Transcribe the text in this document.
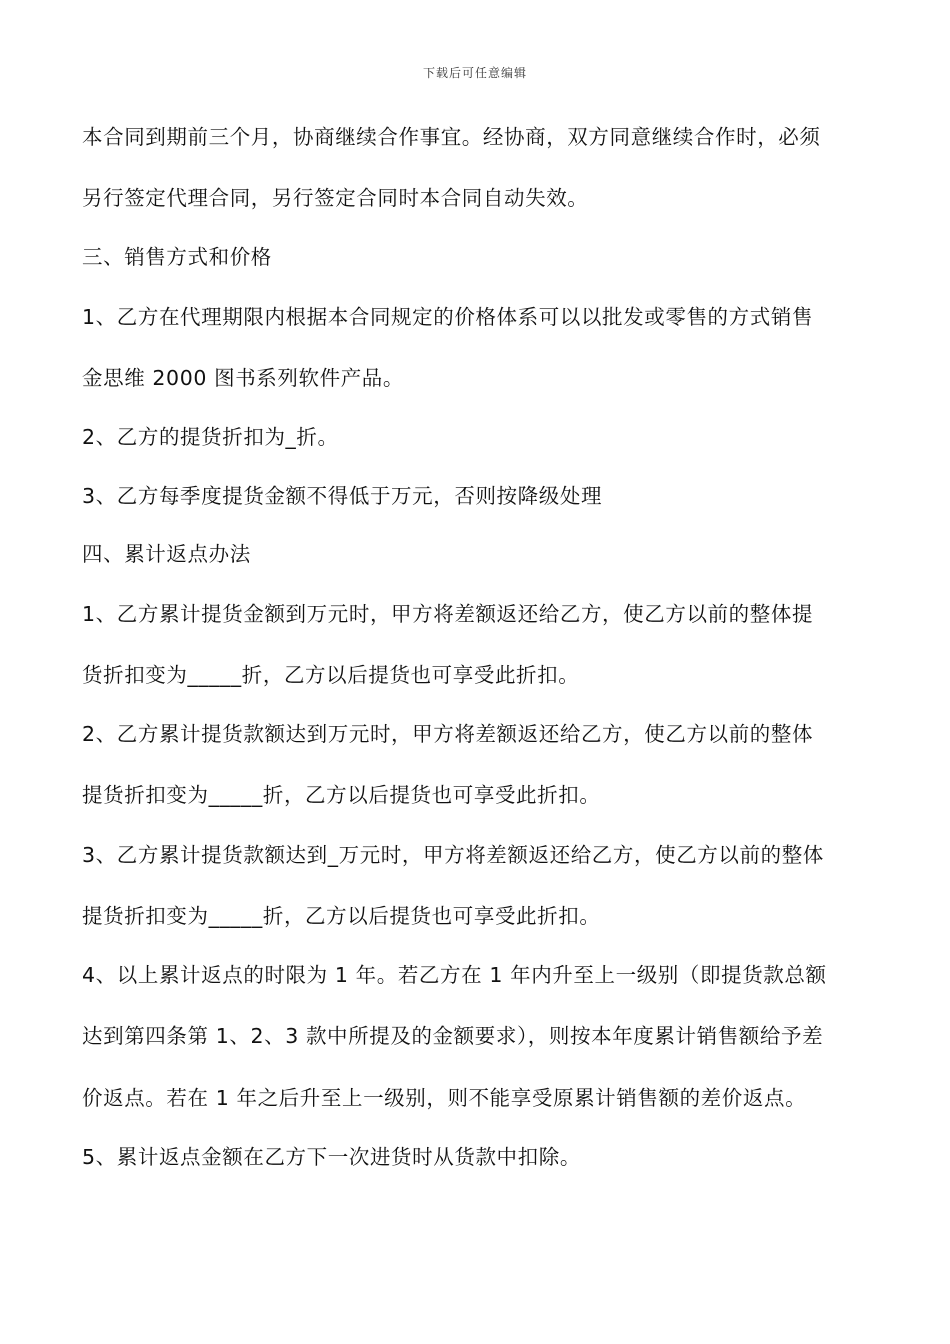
下载后可任意编辑
本合同到期前三个月，协商继续合作事宜。经协商，双方同意继续合作时，必须
另行签定代理合同，另行签定合同时本合同自动失效。
三、销售方式和价格
1、乙方在代理期限内根据本合同规定的价格体系可以以批发或零售的方式销售
金思维 2000 图书系列软件产品。
2、乙方的提货折扣为_折。
3、乙方每季度提货金额不得低于万元，否则按降级处理
四、累计返点办法
1、乙方累计提货金额到万元时，甲方将差额返还给乙方，使乙方以前的整体提
货折扣变为_____折，乙方以后提货也可享受此折扣。
2、乙方累计提货款额达到万元时，甲方将差额返还给乙方，使乙方以前的整体
提货折扣变为_____折，乙方以后提货也可享受此折扣。
3、乙方累计提货款额达到_万元时，甲方将差额返还给乙方，使乙方以前的整体
提货折扣变为_____折，乙方以后提货也可享受此折扣。
4、以上累计返点的时限为 1 年。若乙方在 1 年内升至上一级别（即提货款总额
达到第四条第 1、2、3 款中所提及的金额要求），则按本年度累计销售额给予差
价返点。若在 1 年之后升至上一级别，则不能享受原累计销售额的差价返点。
5、累计返点金额在乙方下一次进货时从货款中扣除。
